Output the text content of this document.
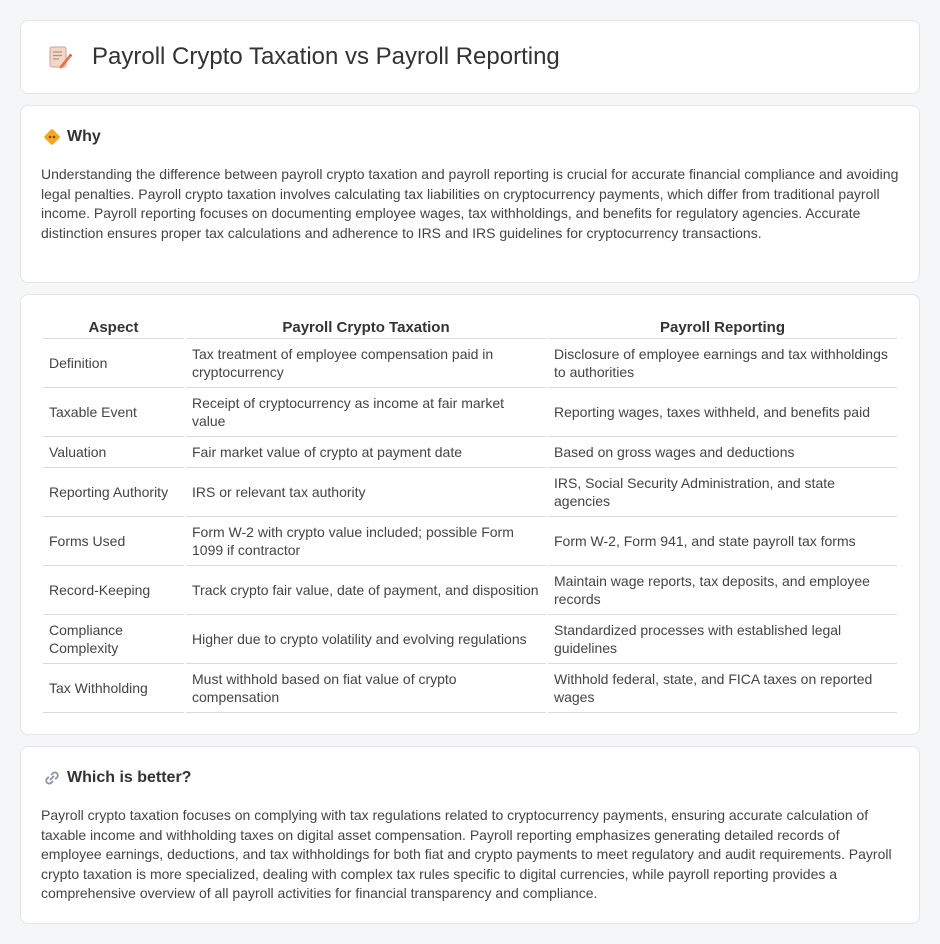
Payroll Crypto Taxation vs Payroll Reporting
Why

Understanding the difference between payroll crypto taxation and payroll reporting is crucial for accurate financial compliance and avoiding legal penalties. Payroll crypto taxation involves calculating tax liabilities on cryptocurrency payments, which differ from traditional payroll income. Payroll reporting focuses on documenting employee wages, tax withholdings, and benefits for regulatory agencies. Accurate distinction ensures proper tax calculations and adherence to IRS and IRS guidelines for cryptocurrency transactions.

Aspect	Payroll Crypto Taxation	Payroll Reporting
Definition	Tax treatment of employee compensation paid in cryptocurrency	Disclosure of employee earnings and tax withholdings to authorities
Taxable Event	Receipt of cryptocurrency as income at fair market value	Reporting wages, taxes withheld, and benefits paid
Valuation	Fair market value of crypto at payment date	Based on gross wages and deductions
Reporting Authority	IRS or relevant tax authority	IRS, Social Security Administration, and state agencies
Forms Used	Form W-2 with crypto value included; possible Form 1099 if contractor	Form W-2, Form 941, and state payroll tax forms
Record-Keeping	Track crypto fair value, date of payment, and disposition	Maintain wage reports, tax deposits, and employee records
Compliance Complexity	Higher due to crypto volatility and evolving regulations	Standardized processes with established legal guidelines
Tax Withholding	Must withhold based on fiat value of crypto compensation	Withhold federal, state, and FICA taxes on reported wages
Which is better?

Payroll crypto taxation focuses on complying with tax regulations related to cryptocurrency payments, ensuring accurate calculation of taxable income and withholding taxes on digital asset compensation. Payroll reporting emphasizes generating detailed records of employee earnings, deductions, and tax withholdings for both fiat and crypto payments to meet regulatory and audit requirements. Payroll crypto taxation is more specialized, dealing with complex tax rules specific to digital currencies, while payroll reporting provides a comprehensive overview of all payroll activities for financial transparency and compliance.
